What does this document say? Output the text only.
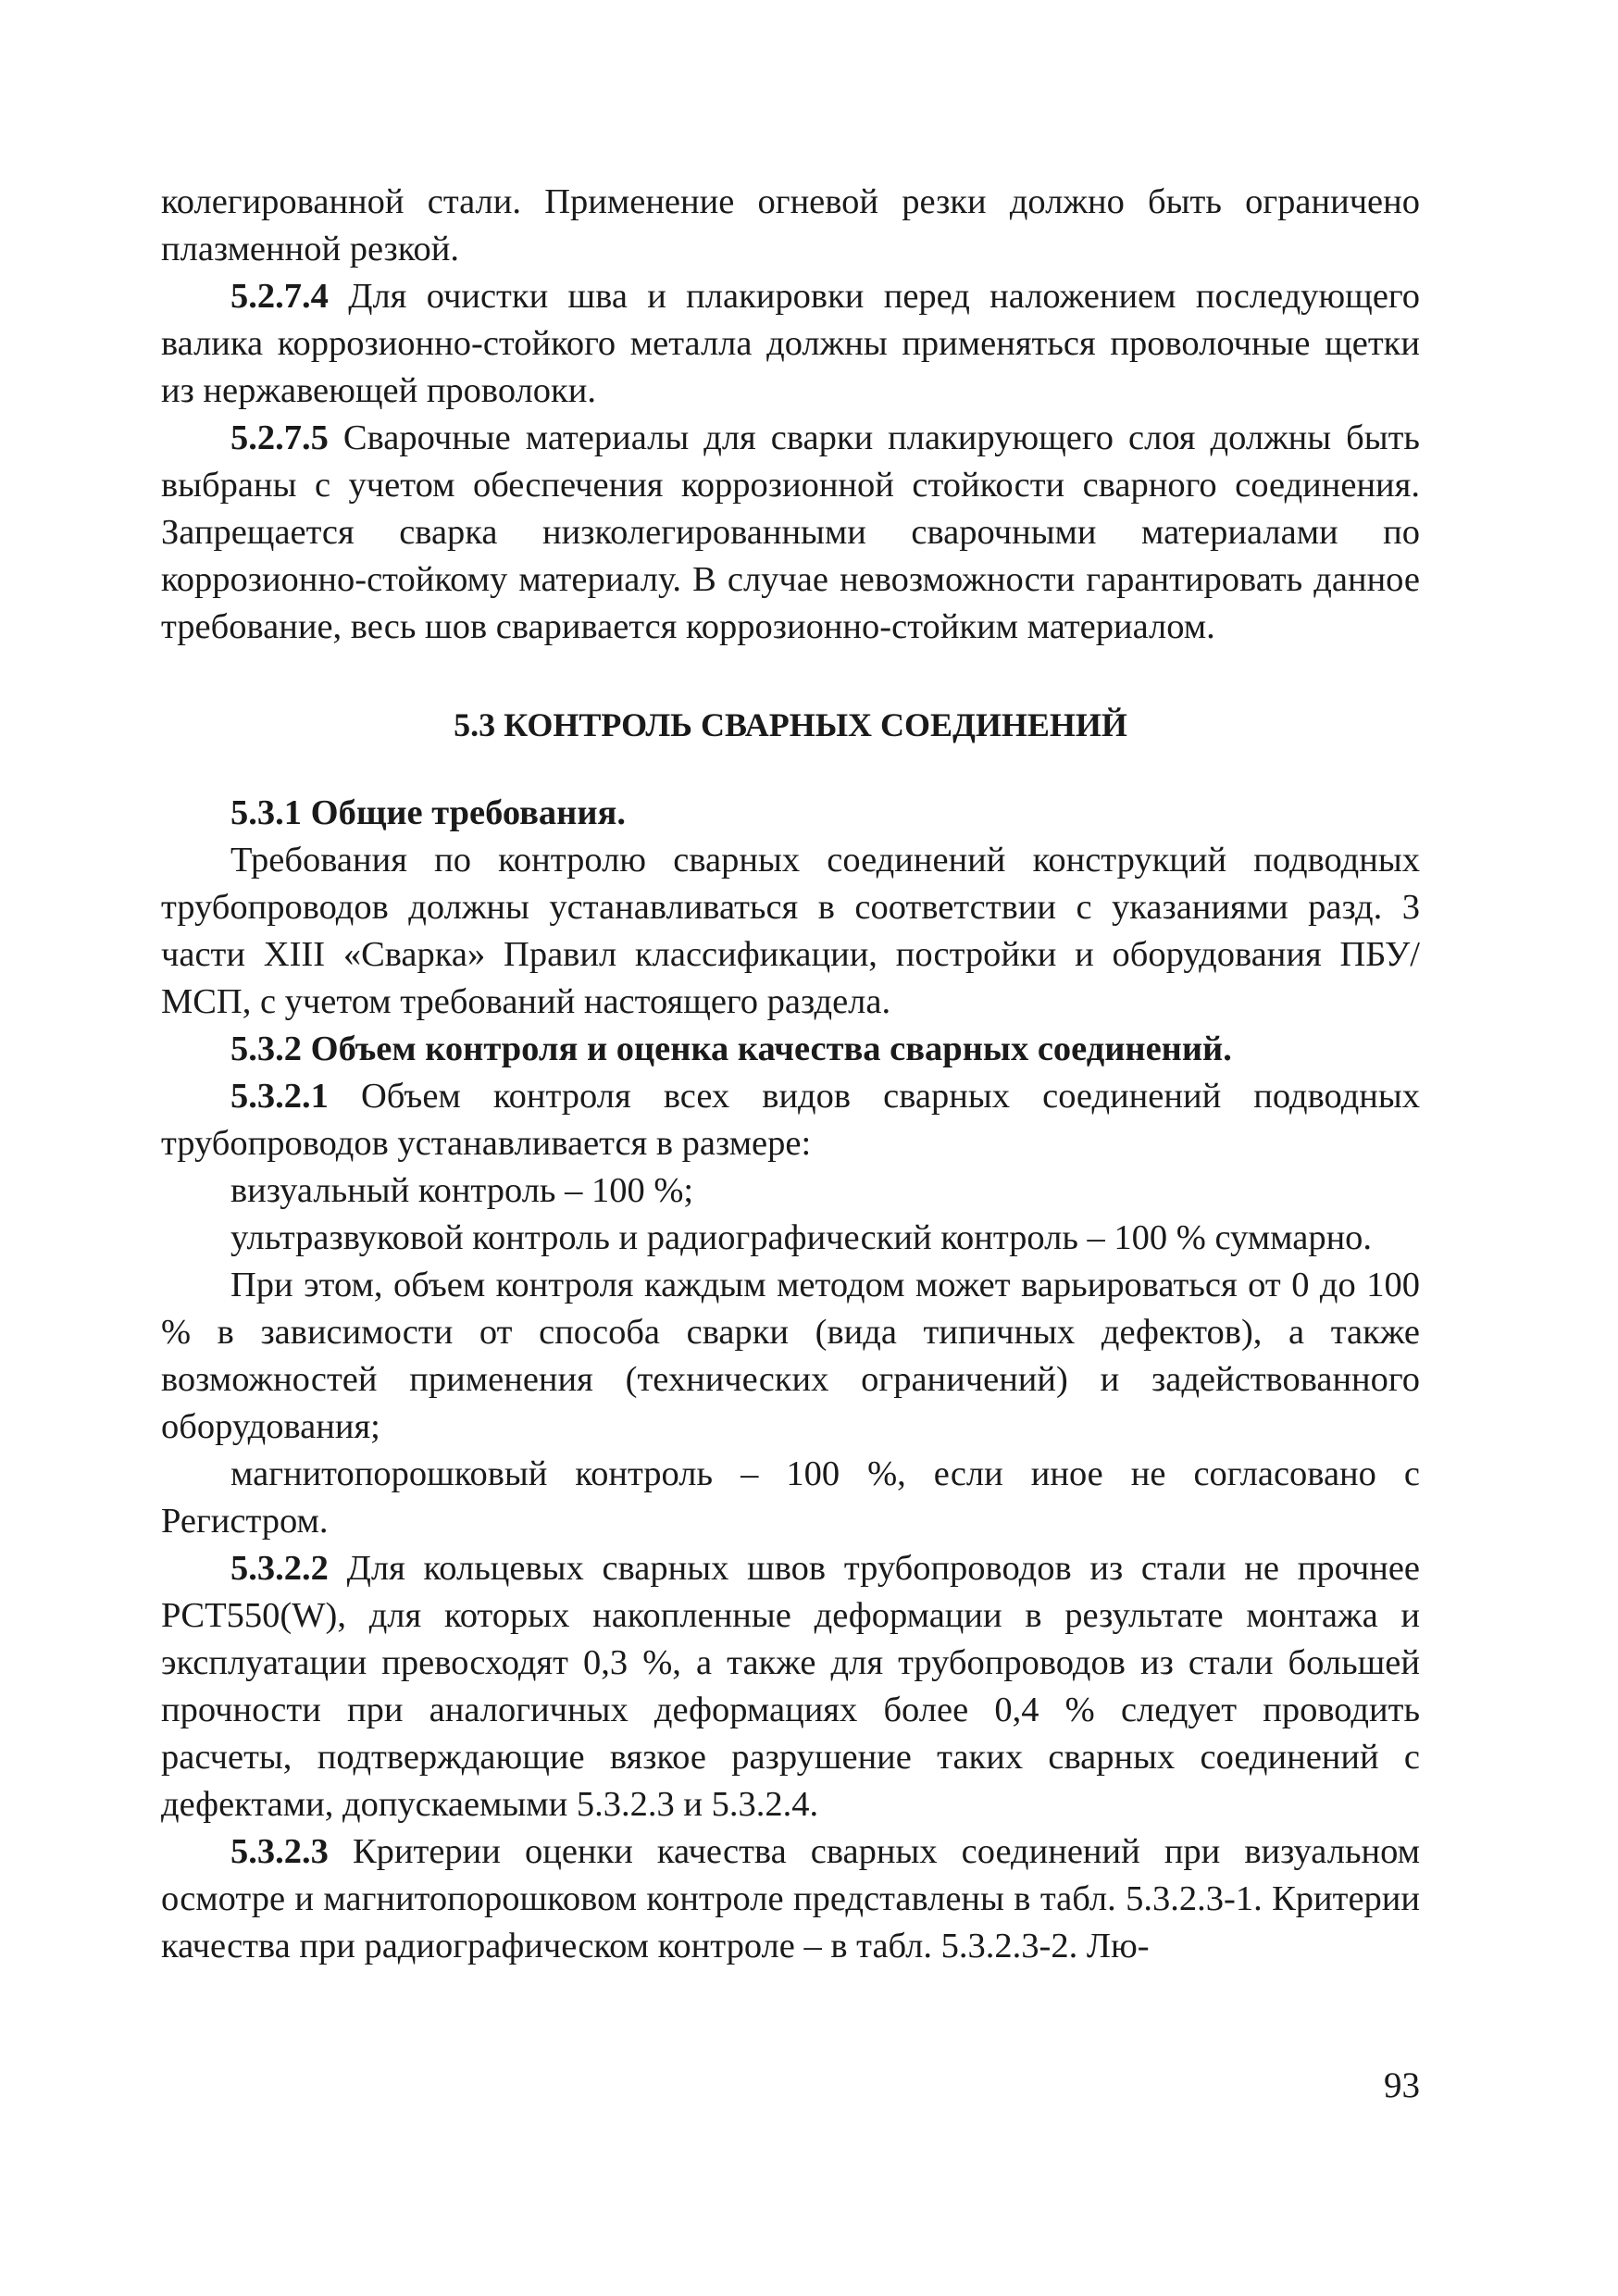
колегированной стали. Применение огневой резки должно быть ограничено плазменной резкой.

5.2.7.4 Для очистки шва и плакировки перед наложением последующего валика коррозионно-стойкого металла должны применяться проволочные щетки из нержавеющей проволоки.

5.2.7.5 Сварочные материалы для сварки плакирующего слоя должны быть выбраны с учетом обеспечения коррозионной стойкости сварного соединения. Запрещается сварка низколегированными сварочными материалами по коррозионно-стойкому материалу. В случае невозможности гарантировать данное требование, весь шов сваривается коррозионно-стойким материалом.

5.3 КОНТРОЛЬ СВАРНЫХ СОЕДИНЕНИЙ

5.3.1 Общие требования.

Требования по контролю сварных соединений конструкций подводных трубопроводов должны устанавливаться в соответствии с указаниями разд. 3 части XIII «Сварка» Правил классификации, постройки и оборудования ПБУ/МСП, с учетом требований настоящего раздела.

5.3.2 Объем контроля и оценка качества сварных соединений.

5.3.2.1 Объем контроля всех видов сварных соединений подводных трубопроводов устанавливается в размере:

визуальный контроль – 100 %;

ультразвуковой контроль и радиографический контроль – 100 % суммарно.

При этом, объем контроля каждым методом может варьироваться от 0 до 100 % в зависимости от способа сварки (вида типичных дефектов), а также возможностей применения (технических ограничений) и задействованного оборудования;

магнитопорошковый контроль – 100 %, если иное не согласовано с Регистром.

5.3.2.2 Для кольцевых сварных швов трубопроводов из стали не прочнее PCT550(W), для которых накопленные деформации в результате монтажа и эксплуатации превосходят 0,3 %, а также для трубопроводов из стали большей прочности при аналогичных деформациях более 0,4 % следует проводить расчеты, подтверждающие вязкое разрушение таких сварных соединений с дефектами, допускаемыми 5.3.2.3 и 5.3.2.4.

5.3.2.3 Критерии оценки качества сварных соединений при визуальном осмотре и магнитопорошковом контроле представлены в табл. 5.3.2.3-1. Критерии качества при радиографическом контроле – в табл. 5.3.2.3-2. Лю-

93
